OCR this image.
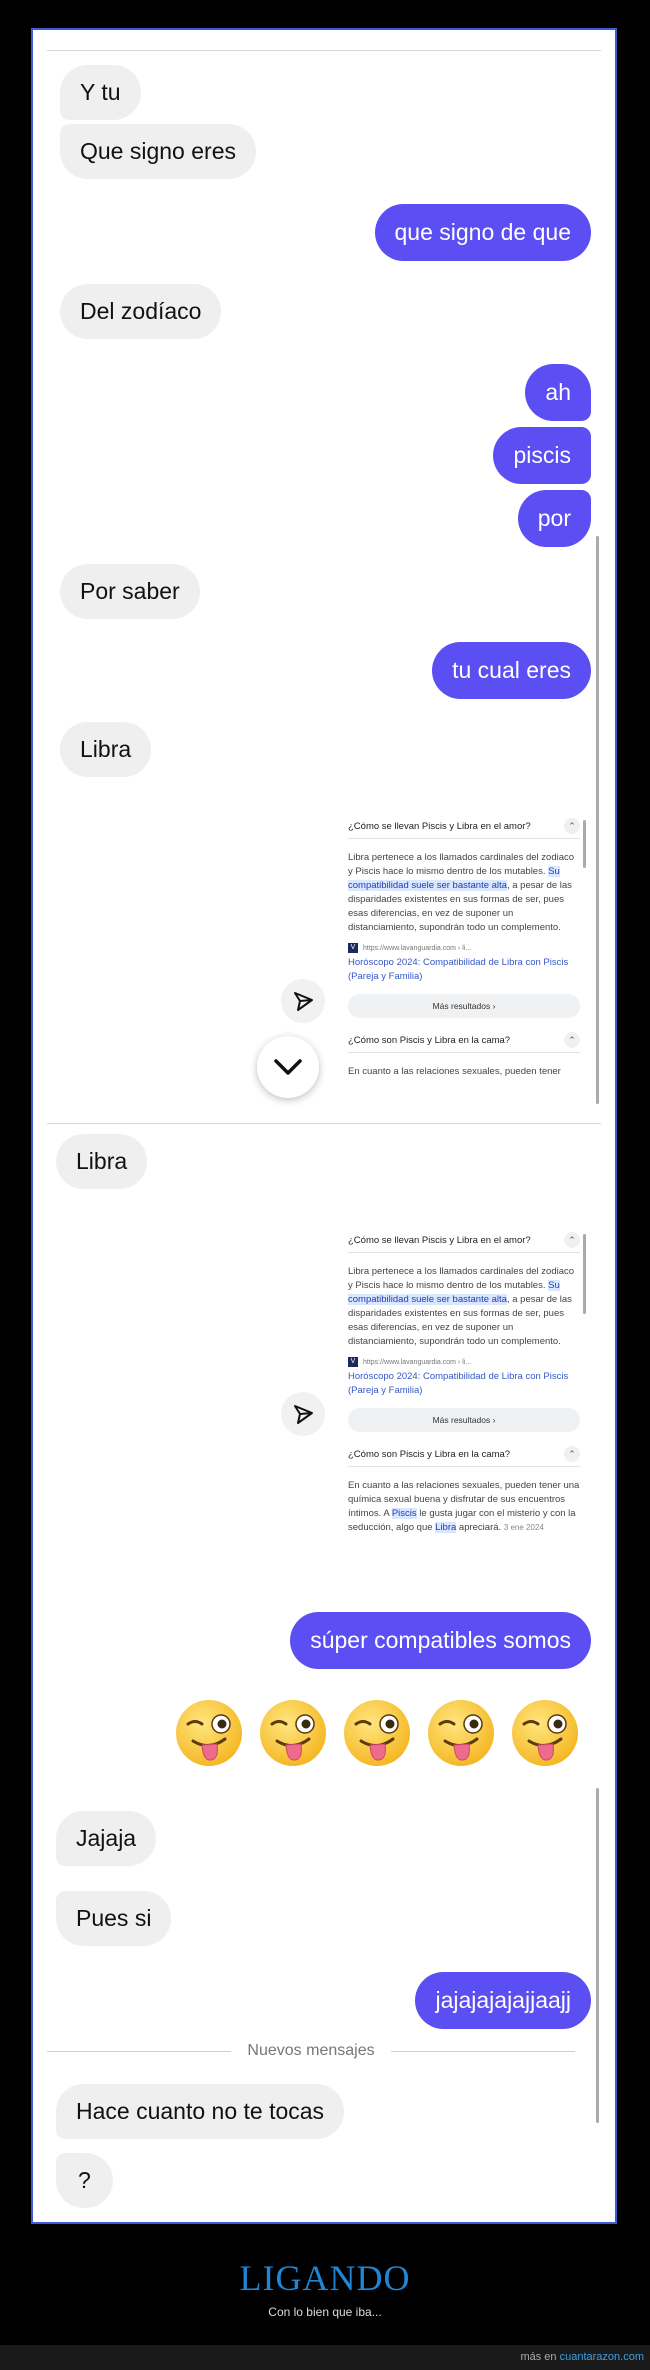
Y tu
Que signo eres
que signo de que
Del zodíaco
ah
piscis
por
Por saber
tu cual eres
Libra
¿Cómo se llevan Piscis y Libra en el amor?	⌃

Libra pertenece a los llamados cardinales del zodiaco y Piscis hace lo mismo dentro de los mutables. Su compatibilidad suele ser bastante alta, a pesar de las disparidades existentes en sus formas de ser, pues esas diferencias, en vez de suponer un distanciamiento, supondrán todo un complemento.

V	https://www.lavanguardia.com › li...
Horóscopo 2024: Compatibilidad de Libra con Piscis (Pareja y Familia)
Más resultados ›
¿Cómo son Piscis y Libra en la cama?	⌃

En cuanto a las relaciones sexuales, pueden tener

Libra
¿Cómo se llevan Piscis y Libra en el amor?	⌃

Libra pertenece a los llamados cardinales del zodiaco y Piscis hace lo mismo dentro de los mutables. Su compatibilidad suele ser bastante alta, a pesar de las disparidades existentes en sus formas de ser, pues esas diferencias, en vez de suponer un distanciamiento, supondrán todo un complemento.

V	https://www.lavanguardia.com › li...
Horóscopo 2024: Compatibilidad de Libra con Piscis (Pareja y Familia)
Más resultados ›
¿Cómo son Piscis y Libra en la cama?	⌃

En cuanto a las relaciones sexuales, pueden tener una química sexual buena y disfrutar de sus encuentros íntimos. A Piscis le gusta jugar con el misterio y con la seducción, algo que Libra apreciará. 3 ene 2024

súper compatibles somos
Jajaja
Pues si
jajajajajajjaajj
Nuevos mensajes
Hace cuanto no te tocas
?
LIGANDO
Con lo bien que iba...
más en cuantarazon.com
